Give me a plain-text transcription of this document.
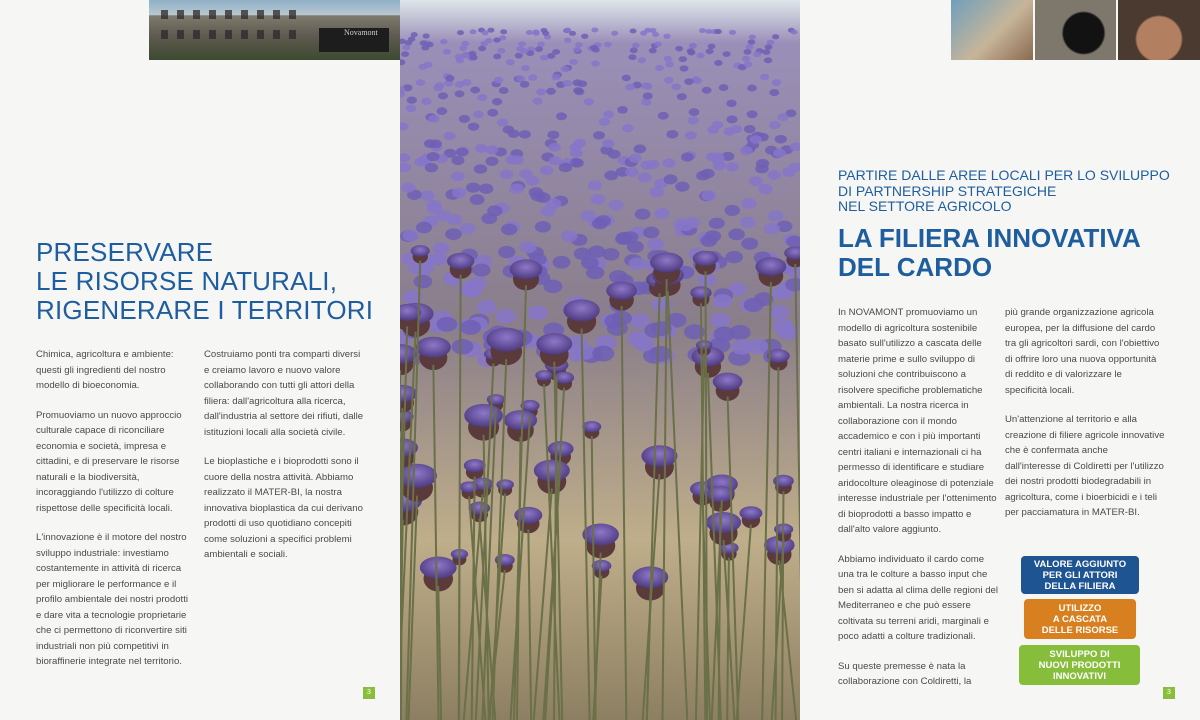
Novamont
PRESERVARE
LE RISORSE NATURALI,
RIGENERARE I TERRITORI

Chimica, agricoltura e ambiente: questi gli ingredienti del nostro modello di bioeconomia.

Promuoviamo un nuovo approccio culturale capace di riconciliare economia e società, impresa e cittadini, e di preservare le risorse naturali e la biodiversità, incoraggiando l'utilizzo di colture rispettose delle specificità locali.

L'innovazione è il motore del nostro sviluppo industriale: investiamo costantemente in attività di ricerca per migliorare le performance e il profilo ambientale dei nostri prodotti e dare vita a tecnologie proprietarie che ci permettono di riconvertire siti industriali non più competitivi in bioraffinerie integrate nel territorio.

Costruiamo ponti tra comparti diversi e creiamo lavoro e nuovo valore collaborando con tutti gli attori della filiera: dall'agricoltura alla ricerca, dall'industria al settore dei rifiuti, dalle istituzioni locali alla società civile.

Le bioplastiche e i bioprodotti sono il cuore della nostra attività. Abbiamo realizzato il MATER-BI, la nostra innovativa bioplastica da cui derivano prodotti di uso quotidiano concepiti come soluzioni a specifici problemi ambientali e sociali.

3
PARTIRE DALLE AREE LOCALI PER LO SVILUPPO
DI PARTNERSHIP STRATEGICHE
NEL SETTORE AGRICOLO
LA FILIERA INNOVATIVA
DEL CARDO

In NOVAMONT promuoviamo un modello di agricoltura sostenibile basato sull'utilizzo a cascata delle materie prime e sullo sviluppo di soluzioni che contribuiscono a risolvere specifiche problematiche ambientali. La nostra ricerca in collaborazione con il mondo accademico e con i più importanti centri italiani e internazionali ci ha permesso di identificare e studiare aridocolture oleaginose di potenziale interesse industriale per l'ottenimento di bioprodotti a basso impatto e dall'alto valore aggiunto.

Abbiamo individuato il cardo come una tra le colture a basso input che ben si adatta al clima delle regioni del Mediterraneo e che può essere coltivata su terreni aridi, marginali e poco adatti a colture tradizionali.

Su queste premesse è nata la collaborazione con Coldiretti, la

più grande organizzazione agricola europea, per la diffusione del cardo tra gli agricoltori sardi, con l'obiettivo di offrire loro una nuova opportunità di reddito e di valorizzare le specificità locali.

Un'attenzione al territorio e alla creazione di filiere agricole innovative che è confermata anche dall'interesse di Coldiretti per l'utilizzo dei nostri prodotti biodegradabili in agricoltura, come i bioerbicidi e i teli per pacciamatura in MATER-BI.

VALORE AGGIUNTO
PER GLI ATTORI
DELLA FILIERA
UTILIZZO
A CASCATA
DELLE RISORSE
SVILUPPO DI
NUOVI PRODOTTI
INNOVATIVI
3
